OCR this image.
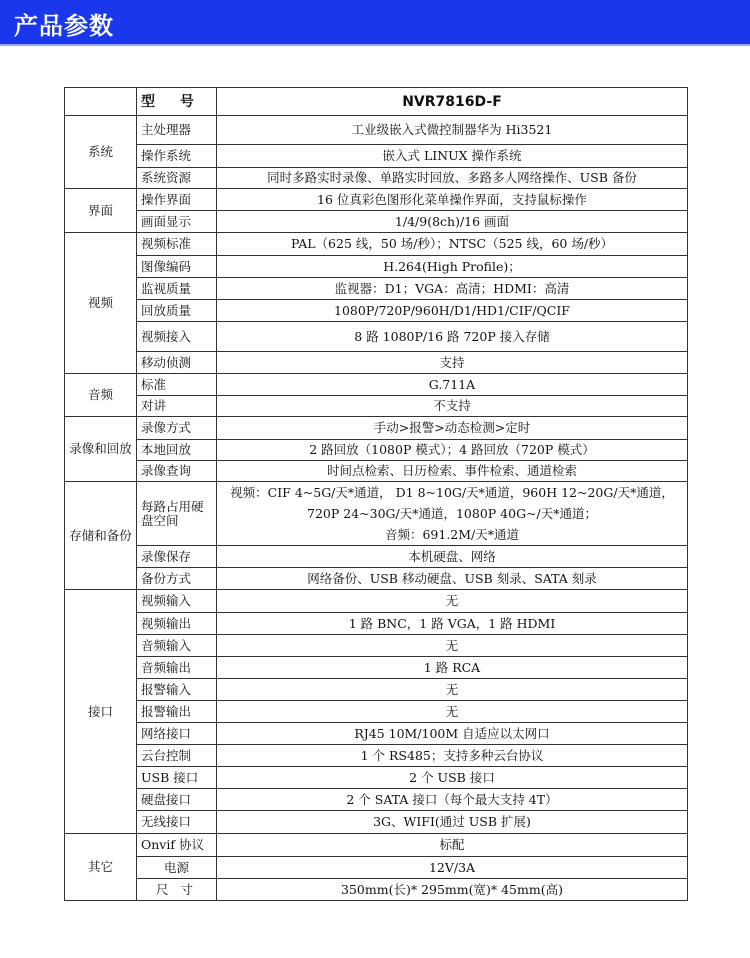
产品参数
	型 号	NVR7816D-F
系统	主处理器	工业级嵌入式微控制器华为 Hi3521
	操作系统	嵌入式 LINUX 操作系统
	系统资源	同时多路实时录像、单路实时回放、多路多人网络操作、USB 备份
界面	操作界面	16 位真彩色图形化菜单操作界面，支持鼠标操作
	画面显示	1/4/9(8ch)/16 画面
视频	视频标准	PAL（625 线，50 场/秒）；NTSC（525 线，60 场/秒）
	图像编码	H.264(High Profile)；
	监视质量	监视器：D1；VGA：高清；HDMI：高清
	回放质量	1080P/720P/960H/D1/HD1/CIF/QCIF
	视频接入	8 路 1080P/16 路 720P 接入存储
	移动侦测	支持
音频	标准	G.711A
	对讲	不支持
录像和回放	录像方式	手动>报警>动态检测>定时
	本地回放	2 路回放（1080P 模式）；4 路回放（720P 模式）
	录像查询	时间点检索、日历检索、事件检索、通道检索
存储和备份	每路占用硬盘空间	视频：CIF 4~5G/天*通道， D1 8~10G/天*通道，960H 12~20G/天*通道，
720P 24~30G/天*通道，1080P 40G~/天*通道；
音频：691.2M/天*通道

	录像保存	本机硬盘、网络
	备份方式	网络备份、USB 移动硬盘、USB 刻录、SATA 刻录
接口	视频输入	无
	视频输出	1 路 BNC，1 路 VGA，1 路 HDMI
	音频输入	无
	音频输出	1 路 RCA
	报警输入	无
	报警输出	无
	网络接口	RJ45 10M/100M 自适应以太网口
	云台控制	1 个 RS485；支持多种云台协议
	USB 接口	2 个 USB 接口
	硬盘接口	2 个 SATA 接口（每个最大支持 4T）
	无线接口	3G、WIFI(通过 USB 扩展)
其它	Onvif 协议	标配
	电源	12V/3A
	尺 寸	350mm(长)* 295mm(宽)* 45mm(高)
